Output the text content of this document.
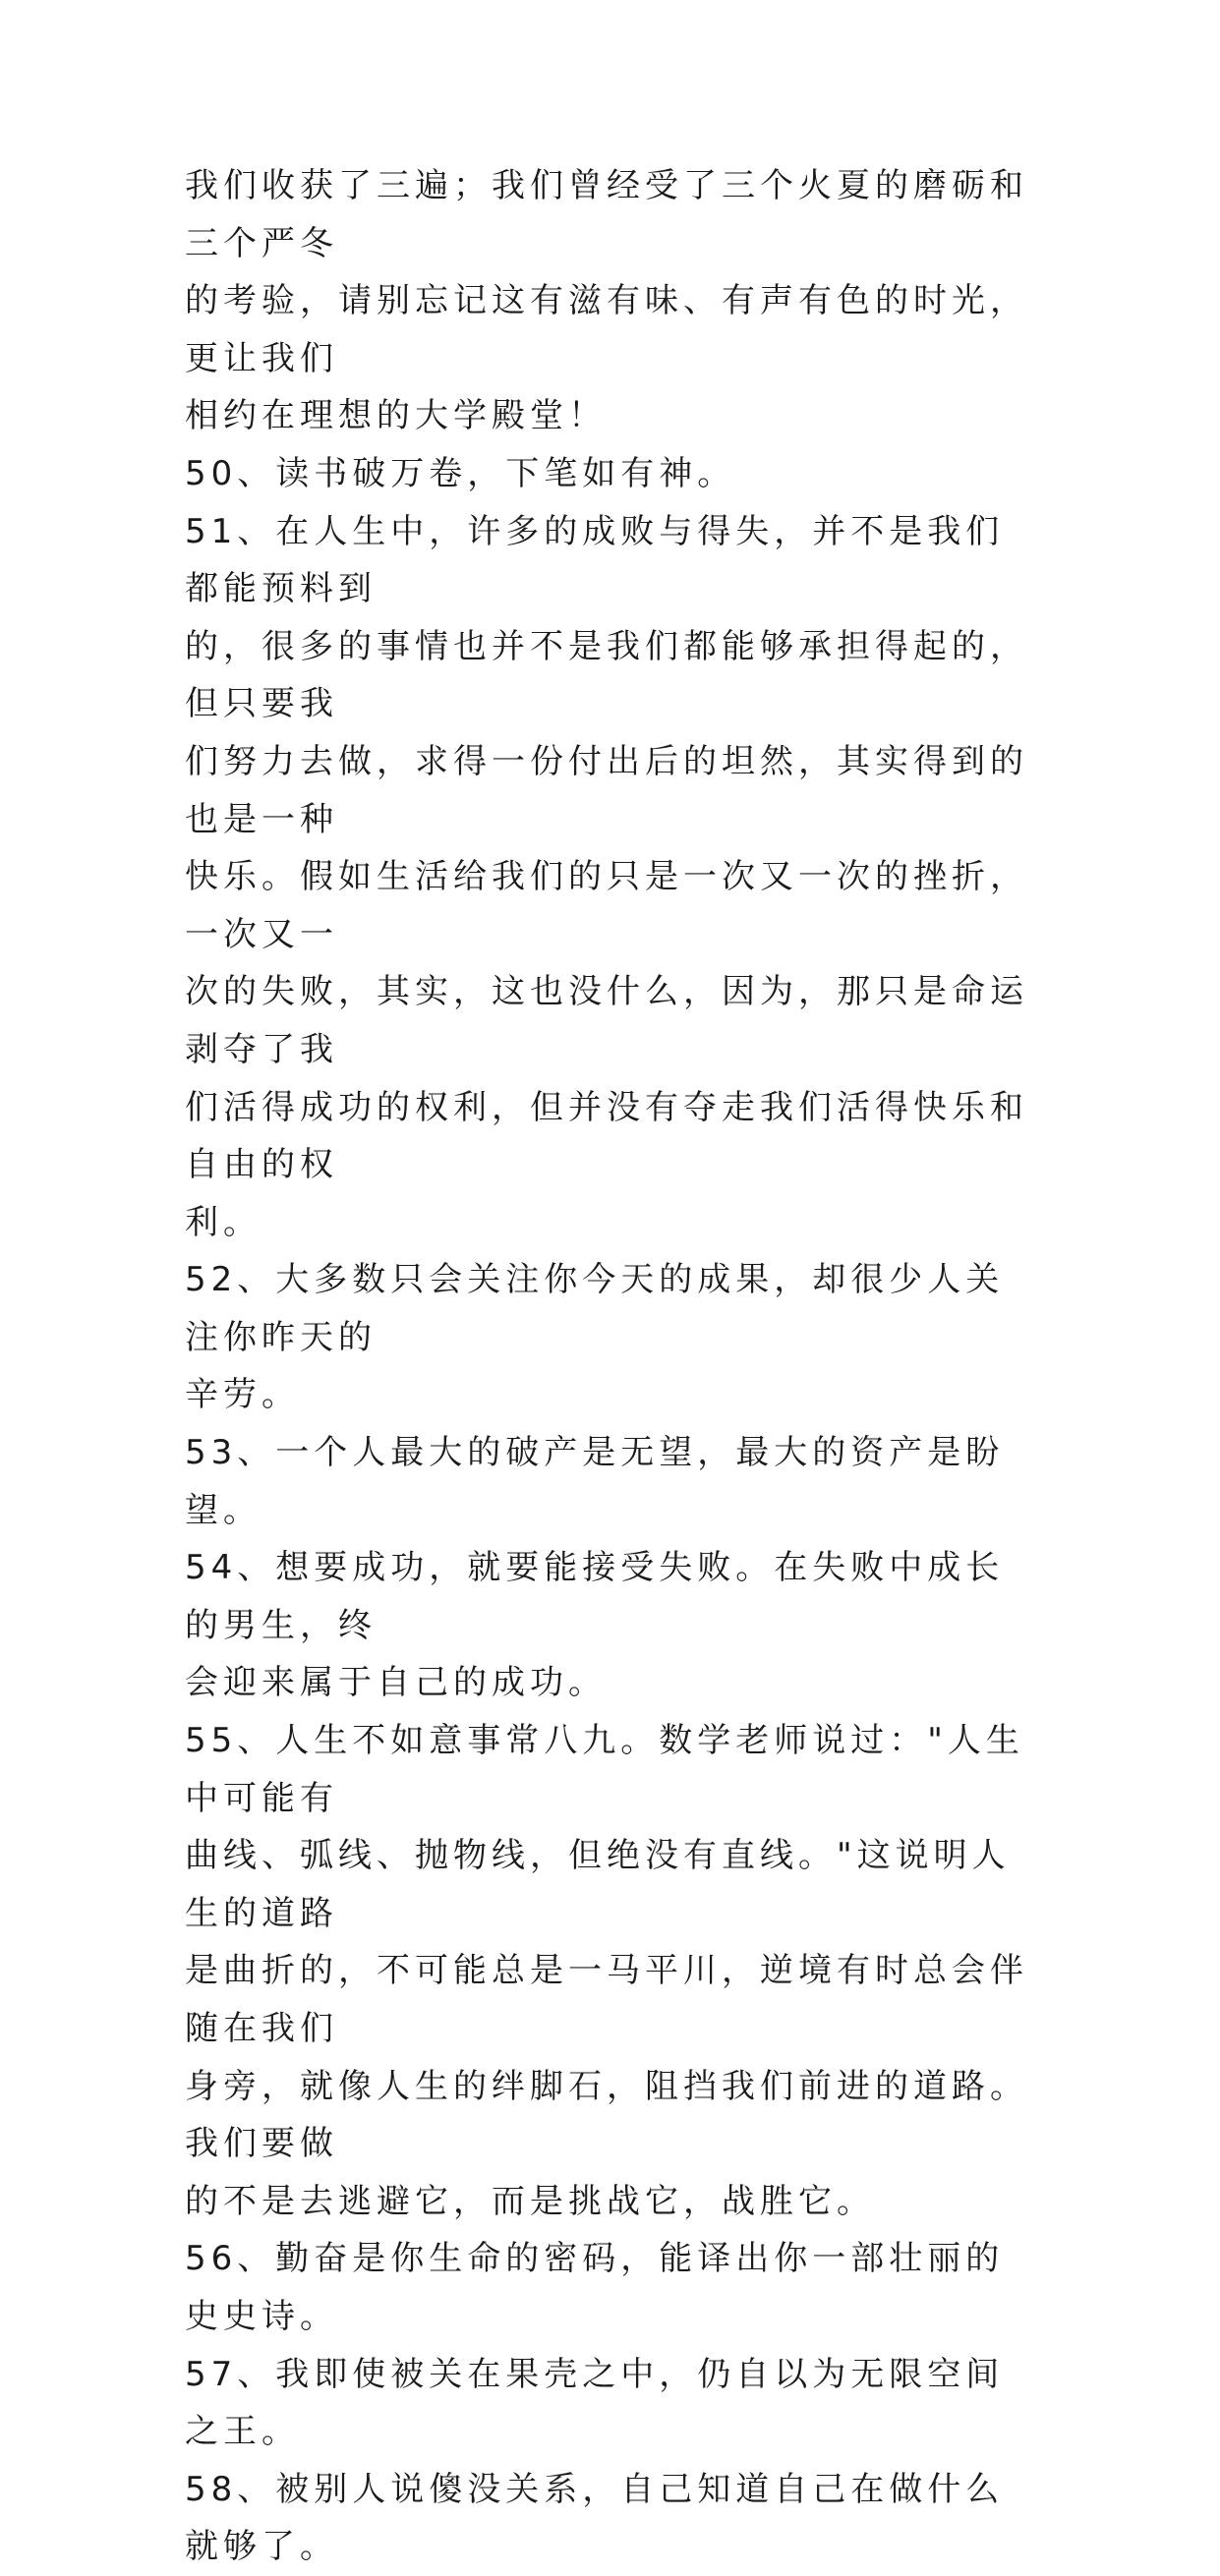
我们收获了三遍；我们曾经受了三个火夏的磨砺和三个严冬

的考验，请别忘记这有滋有味、有声有色的时光，更让我们

相约在理想的大学殿堂！

50、读书破万卷，下笔如有神。

51、在人生中，许多的成败与得失，并不是我们都能预料到

的，很多的事情也并不是我们都能够承担得起的，但只要我

们努力去做，求得一份付出后的坦然，其实得到的也是一种

快乐。假如生活给我们的只是一次又一次的挫折，一次又一

次的失败，其实，这也没什么，因为，那只是命运剥夺了我

们活得成功的权利，但并没有夺走我们活得快乐和自由的权

利。

52、大多数只会关注你今天的成果，却很少人关注你昨天的

辛劳。

53、一个人最大的破产是无望，最大的资产是盼望。

54、想要成功，就要能接受失败。在失败中成长的男生，终

会迎来属于自己的成功。

55、人生不如意事常八九。数学老师说过："人生中可能有

曲线、弧线、抛物线，但绝没有直线。"这说明人生的道路

是曲折的，不可能总是一马平川，逆境有时总会伴随在我们

身旁，就像人生的绊脚石，阻挡我们前进的道路。我们要做

的不是去逃避它，而是挑战它，战胜它。

56、勤奋是你生命的密码，能译出你一部壮丽的史史诗。

57、我即使被关在果壳之中，仍自以为无限空间之王。

58、被别人说傻没关系，自己知道自己在做什么就够了。
